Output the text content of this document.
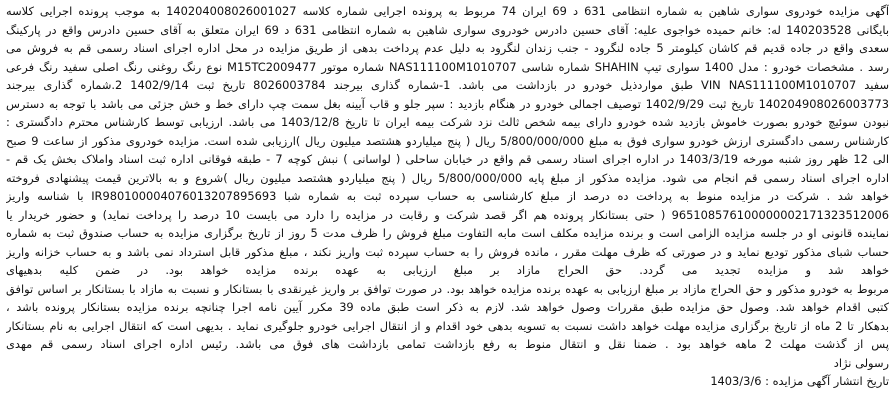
آگهی مزایده خودروی سواری شاهین به شماره انتظامی 631 د 69 ایران 74 مربوط به پرونده اجرایی شماره کلاسه 140204008026001027 به موجب پرونده اجرایی کلاسه
بایگانی 140203528 له: خانم حمیده خواجوی علیه: آقای حسین دادرس خودروی سواری شاهین به شماره انتظامی 631 د 69 ایران متعلق به آقای حسین دادرس واقع در پارکینگ
سعدی واقع در جاده قدیم قم کاشان کیلومتر 5 جاده لنگرود - جنب زندان لنگرود به دلیل عدم پرداخت بدهی از طریق مزایده در محل اداره اجرای اسناد رسمی قم به فروش می
رسد . مشخصات خودرو : مدل 1400 سواری تیپ SHAHIN شماره شاسی NAS111100M1010707 شماره موتور M15TC2009477 نوع رنگ روغنی رنگ اصلی سفید رنگ فرعی
سفید VIN NAS111100M1010707 طبق مواردذیل خودرو در بازداشت می باشد. 1-شماره گذاری بیرجند 8026003784 تاریخ ثبت 1402/9/14 2.شماره گذاری بیرجند
140204908026003773 تاریخ ثبت 1402/9/29 توصیف اجمالی خودرو در هنگام بازدید : سپر جلو و قاب آیینه بغل سمت چپ دارای خط و خش جزئی می باشد با توجه به دسترس
نبودن سوئیچ خودرو بصورت خاموش بازدید شده خودرو دارای بیمه شخص ثالث نزد شرکت بیمه ایران تا تاریخ 1403/12/8 می باشد. ارزیابی توسط کارشناس محترم دادگستری :
کارشناس رسمی دادگستری ارزش خودرو سواری فوق به مبلغ 5/800/000/000 ریال ( پنج میلیاردو هشتصد میلیون ریال )ارزیابی شده است. مزایده خودروی مذکور از ساعت 9 صبح
الی 12 ظهر روز شنبه مورخه 1403/3/19 در اداره اجرای اسناد رسمی قم واقع در خیابان ساحلی ( لواسانی ) نبش کوچه 7 - طبقه فوقانی اداره ثبت اسناد واملاک بخش یک قم -
اداره اجرای اسناد رسمی قم انجام می شود. مزایده مذکور از مبلغ پایه 5/800/000/000 ریال ( پنج میلیاردو هشتصد میلیون ریال )شروع و به بالاترین قیمت پیشنهادی فروخته
خواهد شد . شرکت در مزایده منوط به پرداخت ده درصد از مبلغ کارشناسی به حساب سپرده ثبت به شماره شبا IR980100004076013207895693 با شناسه واریز
965108576100000002171323512006 ( حتی بستانکار پرونده هم اگر قصد شرکت و رقابت در مزایده را دارد می بایست 10 درصد را پرداخت نماید) و حضور خریدار یا
نماینده قانونی او در جلسه مزایده الزامی است و برنده مزایده مکلف است مابه التفاوت مبلغ فروش را ظرف مدت 5 روز از تاریخ برگزاری مزایده به حساب صندوق ثبت به شماره
حساب شبای مذکور تودیع نماید و در صورتی که ظرف مهلت مقرر ، مانده فروش را به حساب سپرده ثبت واریز نکند ، مبلغ مذکور قابل استرداد نمی باشد و به حساب خزانه واریز
خواهد شد و مزایده تجدید می گردد. حق الحراج مازاد بر مبلغ ارزیابی به عهده برنده مزایده خواهد بود. در ضمن کلیه بدهیهای
مربوط به خودرو مذکور و حق الحراج مازاد بر مبلغ ارزیابی به عهده برنده مزایده خواهد بود. در صورت توافق بر واریز غیرنقدی با بستانکار و نسبت به مازاد با بستانکار بر اساس توافق
کتبی اقدام خواهد شد. وصول حق مزایده طبق مقررات وصول خواهد شد. لازم به ذکر است طبق ماده 39 مکرر آیین نامه اجرا چنانچه برنده مزایده بستانکار پرونده باشد ،
بدهکار تا 2 ماه از تاریخ برگزاری مزایده مهلت خواهد داشت نسبت به تسویه بدهی خود اقدام و از انتقال اجرایی خودرو جلوگیری نماید . بدیهی است که انتقال اجرایی به نام بستانکار
پس از گذشت مهلت 2 ماهه خواهد بود . ضمنا نقل و انتقال منوط به رفع بازداشت تمامی بازداشت های فوق می باشد. رئیس اداره اجرای اسناد رسمی قم مهدی
رسولی نژاد
تاریخ انتشار آگهی مزایده : 1403/3/6
